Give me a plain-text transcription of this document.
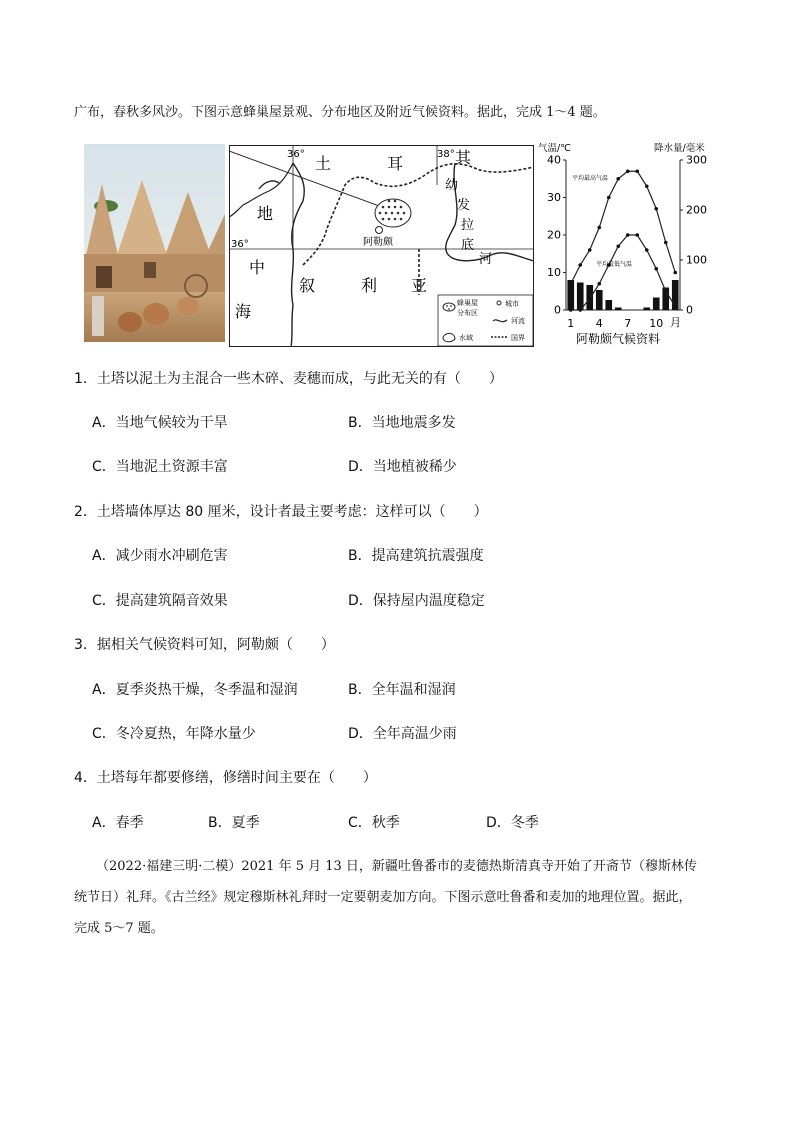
广布，春秋多风沙。下图示意蜂巢屋景观、分布地区及附近气候资料。据此，完成 1～4 题。
36°	38°
36°
土	耳	其
地
中
海
叙	利 亚
幼
发
拉
底
河
阿勒颇
蜂巢屋
分布区
城市
河流
水域	国界
气温/℃	降水量/毫米
40
30
20
10
0
300
200
100
0
平均最高气温
平均最低气温
1 4 7 10 月
阿勒颇气候资料
1．土塔以泥土为主混合一些木碎、麦穗而成，与此无关的有（　　）
A．当地气候较为干旱	B．当地地震多发
C．当地泥土资源丰富	D．当地植被稀少
2．土塔墙体厚达 80 厘米，设计者最主要考虑：这样可以（　　）
A．减少雨水冲刷危害	B．提高建筑抗震强度
C．提高建筑隔音效果	D．保持屋内温度稳定
3．据相关气候资料可知，阿勒颇（　　）
A．夏季炎热干燥，冬季温和湿润	B．全年温和湿润
C．冬冷夏热，年降水量少	D．全年高温少雨
4．土塔每年都要修缮，修缮时间主要在（　　）
A．春季	B．夏季	C．秋季	D．冬季
（2022·福建三明·二模）2021 年 5 月 13 日，新疆吐鲁番市的麦德热斯清真寺开始了开斋节（穆斯林传
统节日）礼拜。《古兰经》规定穆斯林礼拜时一定要朝麦加方向。下图示意吐鲁番和麦加的地理位置。据此，
完成 5～7 题。
